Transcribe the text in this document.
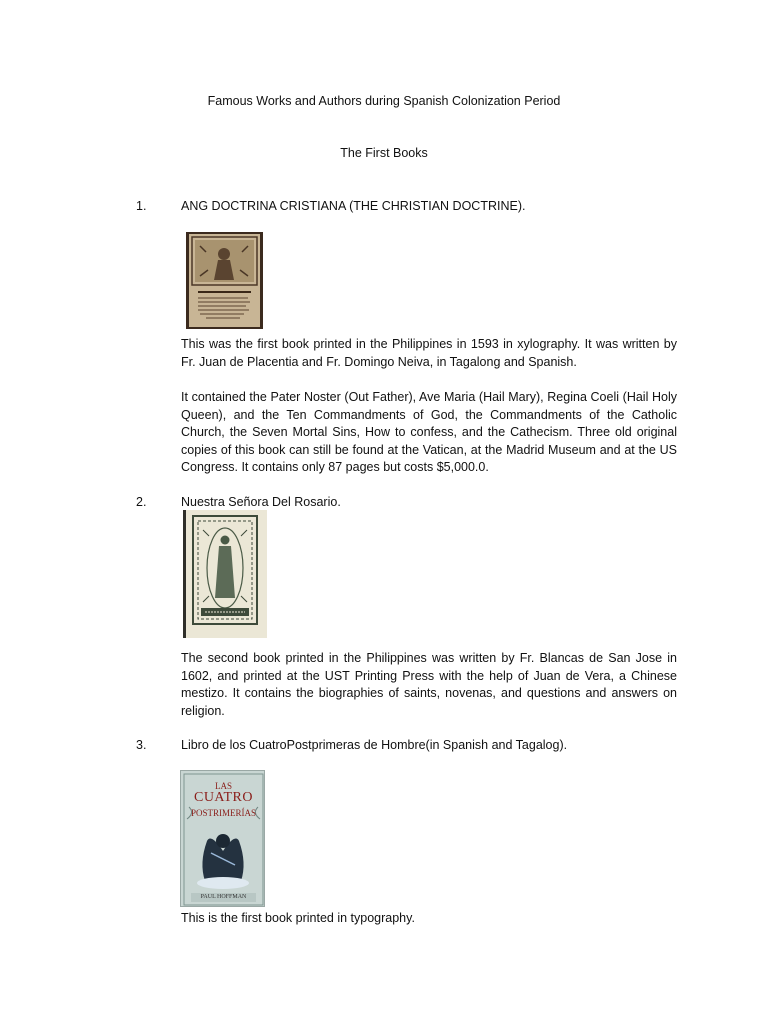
Famous Works and Authors during Spanish Colonization Period
The First Books
1.	ANG DOCTRINA CRISTIANA (THE CHRISTIAN DOCTRINE).
This was the first book printed in the Philippines in 1593 in xylography. It was written by Fr. Juan de Placentia and Fr. Domingo Neiva, in Tagalong and Spanish.
It contained the Pater Noster (Out Father), Ave Maria (Hail Mary), Regina Coeli (Hail Holy Queen), and the Ten Commandments of God, the Commandments of the Catholic Church, the Seven Mortal Sins, How to confess, and the Cathecism. Three old original copies of this book can still be found at the Vatican, at the Madrid Museum and at the US Congress. It contains only 87 pages but costs $5,000.0.
2.	Nuestra Señora Del Rosario.
The second book printed in the Philippines was written by Fr. Blancas de San Jose in 1602, and printed at the UST Printing Press with the help of Juan de Vera, a Chinese mestizo. It contains the biographies of saints, novenas, and questions and answers on religion.
3.	Libro de los CuatroPostprimeras de Hombre(in Spanish and Tagalog).
LAS
CUATRO
POSTRIMERÍAS
PAUL HOFFMAN
This is the first book printed in typography.
